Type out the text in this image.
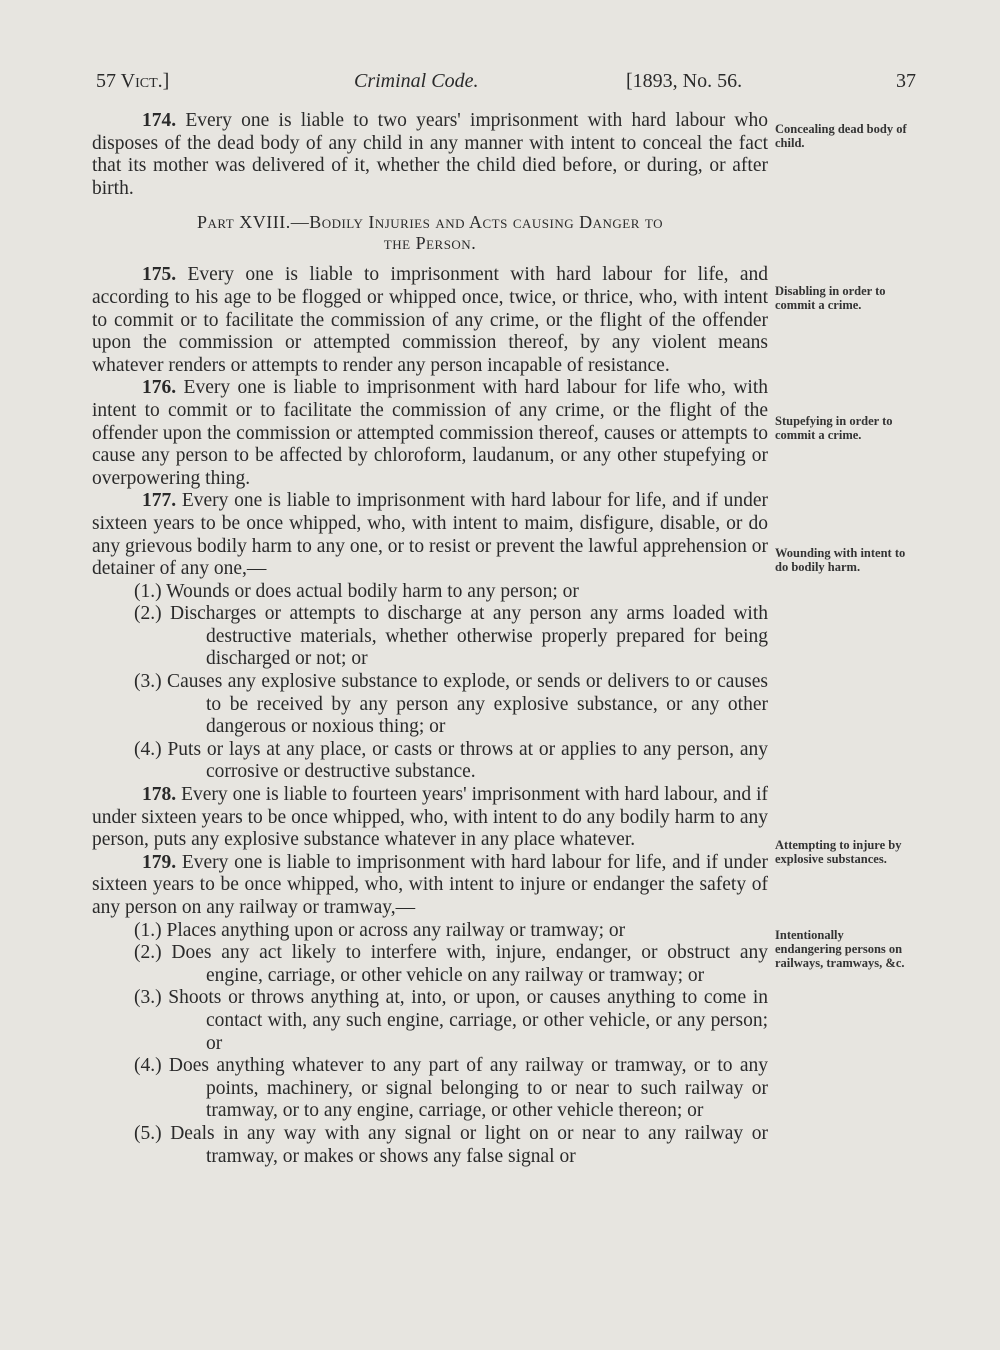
57 Vict.]	Criminal Code.	[1893, No. 56.	37

174. Every one is liable to two years' imprisonment with hard labour who disposes of the dead body of any child in any manner with intent to conceal the fact that its mother was delivered of it, whether the child died before, or during, or after birth.

Part XVIII.—Bodily Injuries and Acts causing Danger to
the Person.

175. Every one is liable to imprisonment with hard labour for life, and according to his age to be flogged or whipped once, twice, or thrice, who, with intent to commit or to facilitate the commission of any crime, or the flight of the offender upon the commission or attempted commission thereof, by any violent means whatever renders or attempts to render any person incapable of resistance.

176. Every one is liable to imprisonment with hard labour for life who, with intent to commit or to facilitate the commission of any crime, or the flight of the offender upon the commission or attempted commission thereof, causes or attempts to cause any person to be affected by chloroform, laudanum, or any other stupefying or overpowering thing.

177. Every one is liable to imprisonment with hard labour for life, and if under sixteen years to be once whipped, who, with intent to maim, disfigure, disable, or do any grievous bodily harm to any one, or to resist or prevent the lawful apprehension or detainer of any one,—

(1.) Wounds or does actual bodily harm to any person; or

(2.) Discharges or attempts to discharge at any person any arms loaded with destructive materials, whether otherwise properly prepared for being discharged or not; or

(3.) Causes any explosive substance to explode, or sends or delivers to or causes to be received by any person any explosive substance, or any other dangerous or noxious thing; or

(4.) Puts or lays at any place, or casts or throws at or applies to any person, any corrosive or destructive substance.

178. Every one is liable to fourteen years' imprisonment with hard labour, and if under sixteen years to be once whipped, who, with intent to do any bodily harm to any person, puts any explosive substance whatever in any place whatever.

179. Every one is liable to imprisonment with hard labour for life, and if under sixteen years to be once whipped, who, with intent to injure or endanger the safety of any person on any railway or tramway,—

(1.) Places anything upon or across any railway or tramway; or

(2.) Does any act likely to interfere with, injure, endanger, or obstruct any engine, carriage, or other vehicle on any railway or tramway; or

(3.) Shoots or throws anything at, into, or upon, or causes anything to come in contact with, any such engine, carriage, or other vehicle, or any person; or

(4.) Does anything whatever to any part of any railway or tramway, or to any points, machinery, or signal belonging to or near to such railway or tramway, or to any engine, carriage, or other vehicle thereon; or

(5.) Deals in any way with any signal or light on or near to any railway or tramway, or makes or shows any false signal or

Concealing dead body of child.
Disabling in order to commit a crime.
Stupefying in order to commit a crime.
Wounding with intent to do bodily harm.
Attempting to injure by explosive substances.
Intentionally endangering persons on railways, tramways, &c.
